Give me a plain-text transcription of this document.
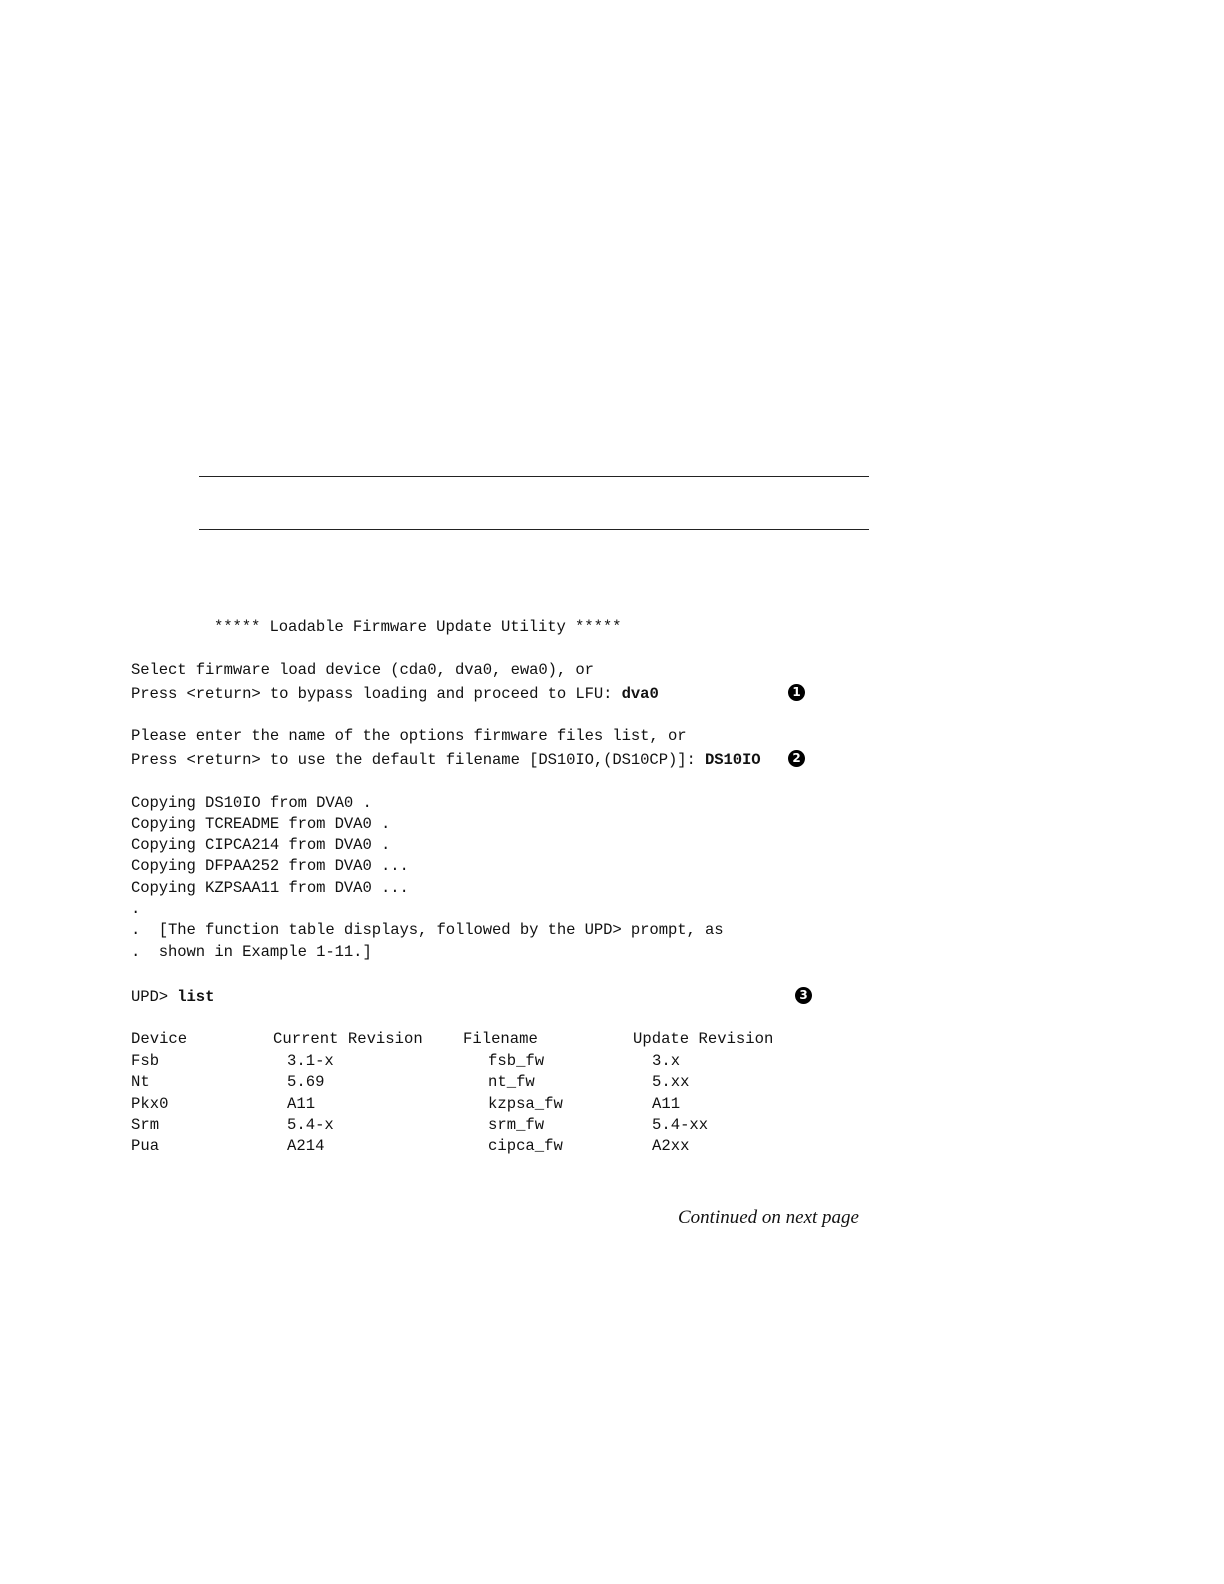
***** Loadable Firmware Update Utility *****
Select firmware load device (cda0, dva0, ewa0), or
Press <return> to bypass loading and proceed to LFU: dva0	1
Please enter the name of the options firmware files list, or
Press <return> to use the default filename [DS10IO,(DS10CP)]: DS10IO	2
Copying DS10IO from DVA0 .
Copying TCREADME from DVA0 .
Copying CIPCA214 from DVA0 .
Copying DFPAA252 from DVA0 ...
Copying KZPSAA11 from DVA0 ...
.
.  [The function table displays, followed by the UPD> prompt, as
.  shown in Example 1-11.]
UPD> list	3
Device	Current Revision	Filename	Update Revision
Fsb	3.1-x	fsb_fw	3.x
Nt	5.69	nt_fw	5.xx
Pkx0	A11	kzpsa_fw	A11
Srm	5.4-x	srm_fw	5.4-xx
Pua	A214	cipca_fw	A2xx
Continued on next page
